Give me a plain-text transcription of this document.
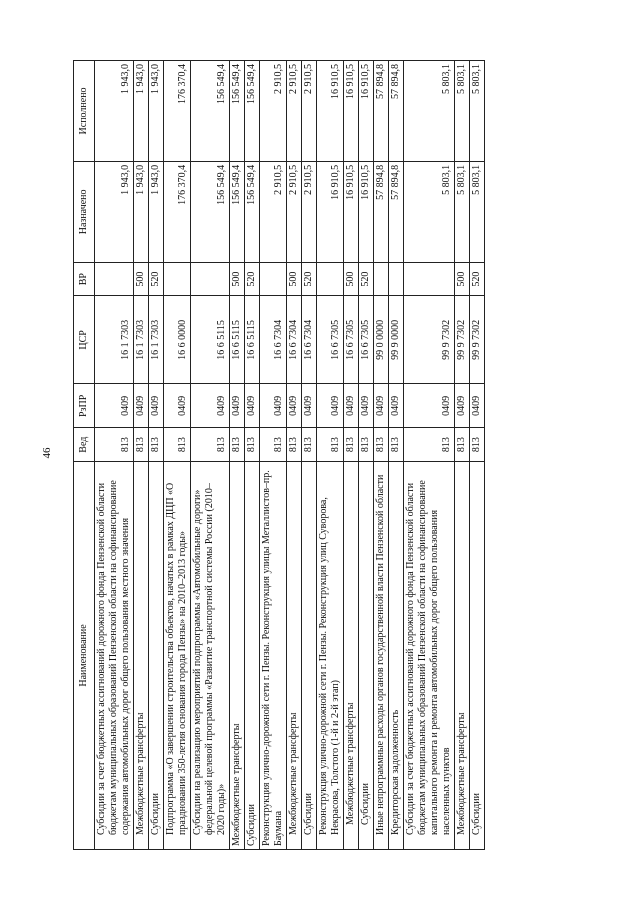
46
Наименование	Вед	РзПР	ЦСР	ВР	Назначено	Исполнено
Субсидии за счет бюджетных ассигнований дорожного фонда Пензенской области бюджетам муниципальных образований Пензенской области на софинансирование содержания автомобильных дорог общего пользования местного значения	813	0409	16 1 7303		1 943,0	1 943,0
Межбюджетные трансферты	813	0409	16 1 7303	500	1 943,0	1 943,0
Субсидии	813	0409	16 1 7303	520	1 943,0	1 943,0
Подпрограмма «О завершении строительства объектов, начатых в рамках ДЦП «О праздновании 350-летия основания города Пензы» на 2010–2013 годы»	813	0409	16 6 0000		176 370,4	176 370,4
Субсидии на реализацию мероприятий подпрограммы «Автомобильные дороги» федеральной целевой программы «Развитие транспортной системы России (2010–2020 годы)»	813	0409	16 6 5115		156 549,4	156 549,4
Межбюджетные трансферты	813	0409	16 6 5115	500	156 549,4	156 549,4
Субсидии	813	0409	16 6 5115	520	156 549,4	156 549,4
Реконструкция улично-дорожной сети г. Пензы. Реконструкция улицы Металлистов–пр. Баумана	813	0409	16 6 7304		2 910,5	2 910,5
Межбюджетные трансферты	813	0409	16 6 7304	500	2 910,5	2 910,5
Субсидии	813	0409	16 6 7304	520	2 910,5	2 910,5
Реконструкция улично-дорожной сети г. Пензы. Реконструкция улиц Суворова, Некрасова, Толстого (1-й и 2-й этап)	813	0409	16 6 7305		16 910,5	16 910,5
Межбюджетные трансферты	813	0409	16 6 7305	500	16 910,5	16 910,5
Субсидии	813	0409	16 6 7305	520	16 910,5	16 910,5
Иные непрограммные расходы органов государственной власти Пензенской области	813	0409	99 0 0000		57 894,8	57 894,8
Кредиторская задолженность	813	0409	99 9 0000		57 894,8	57 894,8
Субсидии за счет бюджетных ассигнований дорожного фонда Пензенской области бюджетам муниципальных образований Пензенской области на софинансирование капитального ремонта и ремонта автомобильных дорог общего пользования населенных пунктов	813	0409	99 9 7302		5 803,1	5 803,1
Межбюджетные трансферты	813	0409	99 9 7302	500	5 803,1	5 803,1
Субсидии	813	0409	99 9 7302	520	5 803,1	5 803,1
